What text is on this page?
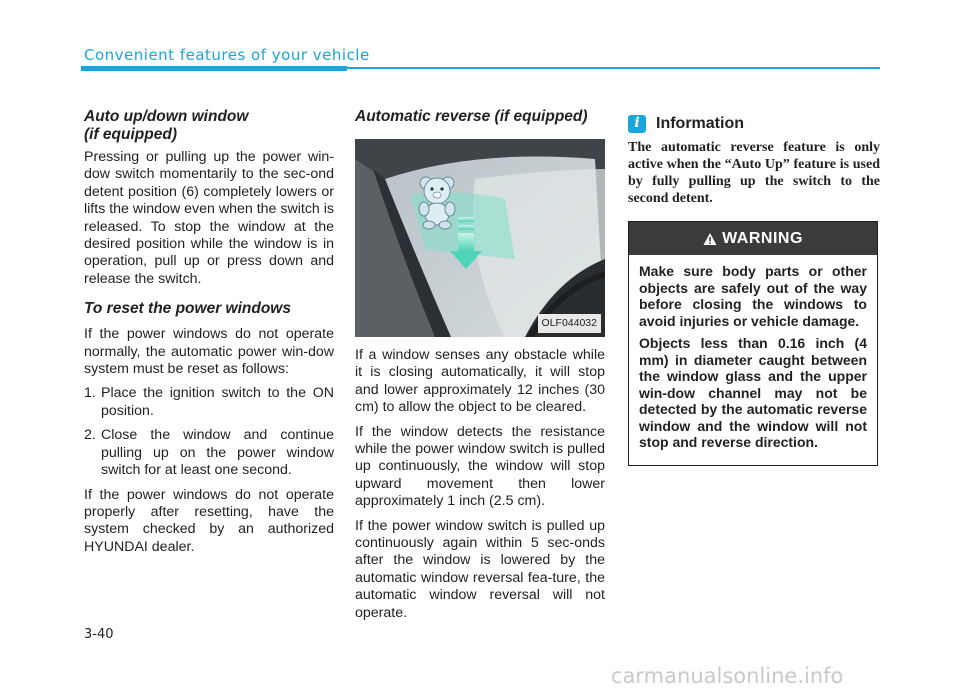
Convenient features of your vehicle
Auto up/down window
(if equipped)

Pressing or pulling up the power win-dow switch momentarily to the sec-ond detent position (6) completely lowers or lifts the window even when the switch is released. To stop the window at the desired position while the window is in operation, pull up or press down and release the switch.

To reset the power windows

If the power windows do not operate normally, the automatic power win-dow system must be reset as follows:

1. Place the ignition switch to the ON position.
2. Close the window and continue pulling up on the power window switch for at least one second.

If the power windows do not operate properly after resetting, have the system checked by an authorized HYUNDAI dealer.

Automatic reverse (if equipped)
OLF044032

If a window senses any obstacle while it is closing automatically, it will stop and lower approximately 12 inches (30 cm) to allow the object to be cleared.

If the window detects the resistance while the power window switch is pulled up continuously, the window will stop upward movement then lower approximately 1 inch (2.5 cm).

If the power window switch is pulled up continuously again within 5 sec-onds after the window is lowered by the automatic window reversal fea-ture, the automatic window reversal will not operate.

i	Information
The automatic reverse feature is only active when the “Auto Up” feature is used by fully pulling up the switch to the second detent.
WARNING

Make sure body parts or other objects are safely out of the way before closing the windows to avoid injuries or vehicle damage.

Objects less than 0.16 inch (4 mm) in diameter caught between the window glass and the upper win-dow channel may not be detected by the automatic reverse window and the window will not stop and reverse direction.

3-40
carmanualsonline.info
